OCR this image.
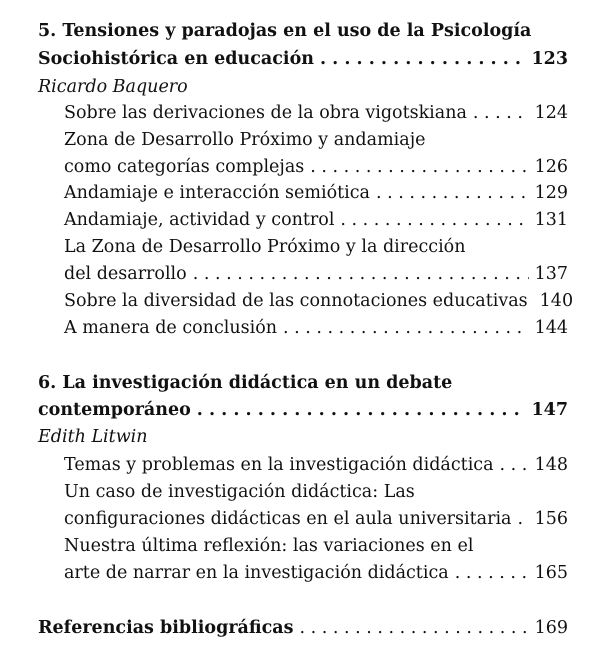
5. Tensiones y paradojas en el uso de la Psicología
Sociohistórica en educación . . .	123
Ricardo Baquero
Sobre las derivaciones de la obra vigotskiana . . .	124
Zona de Desarrollo Próximo y andamiaje
como categorías complejas . . .	126
Andamiaje e interacción semiótica . . .	129
Andamiaje, actividad y control . . .	131
La Zona de Desarrollo Próximo y la dirección
del desarrollo . . .	137
Sobre la diversidad de las connotaciones educativas 140
A manera de conclusión . . .	144
6. La investigación didáctica en un debate
contemporáneo . . .	147
Edith Litwin
Temas y problemas en la investigación didáctica . . . 148
Un caso de investigación didáctica: Las
configuraciones didácticas en el aula universitaria . . . 156
Nuestra última reflexión: las variaciones en el
arte de narrar en la investigación didáctica . . .	165
Referencias bibliográficas . . .	169
